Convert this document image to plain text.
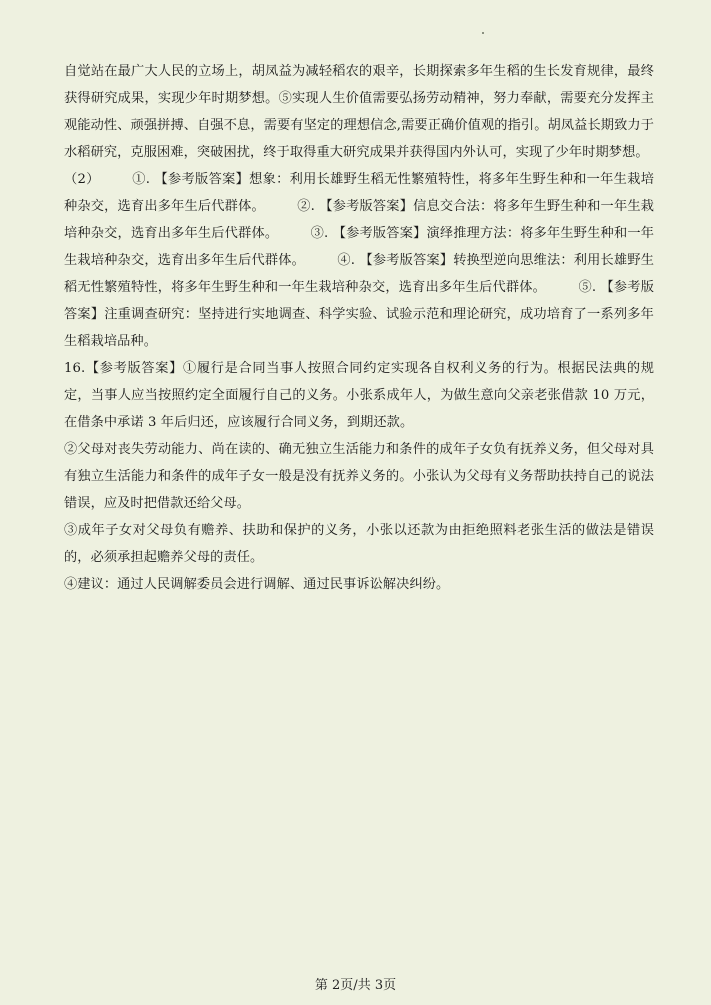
自觉站在最广大人民的立场上，胡凤益为减轻稻农的艰辛，长期探索多年生稻的生长发育规律，最终获得研究成果，实现少年时期梦想。⑤实现人生价值需要弘扬劳动精神，努力奉献，需要充分发挥主观能动性、顽强拼搏、自强不息，需要有坚定的理想信念,需要正确价值观的指引。胡凤益长期致力于水稻研究，克服困难，突破困扰，终于取得重大研究成果并获得国内外认可，实现了少年时期梦想。

（2） ①. 【参考版答案】想象：利用长雄野生稻无性繁殖特性，将多年生野生种和一年生栽培种杂交，选育出多年生后代群体。 ②. 【参考版答案】信息交合法：将多年生野生种和一年生栽培种杂交，选育出多年生后代群体。 ③. 【参考版答案】演绎推理方法：将多年生野生种和一年生栽培种杂交，选育出多年生后代群体。 ④. 【参考版答案】转换型逆向思维法：利用长雄野生稻无性繁殖特性，将多年生野生种和一年生栽培种杂交，选育出多年生后代群体。 ⑤. 【参考版答案】注重调查研究：坚持进行实地调查、科学实验、试验示范和理论研究，成功培育了一系列多年生稻栽培品种。

16.【参考版答案】①履行是合同当事人按照合同约定实现各自权利义务的行为。根据民法典的规定，当事人应当按照约定全面履行自己的义务。小张系成年人，为做生意向父亲老张借款 10 万元，在借条中承诺 3 年后归还，应该履行合同义务，到期还款。

②父母对丧失劳动能力、尚在读的、确无独立生活能力和条件的成年子女负有抚养义务，但父母对具有独立生活能力和条件的成年子女一般是没有抚养义务的。小张认为父母有义务帮助扶持自己的说法错误，应及时把借款还给父母。

③成年子女对父母负有赡养、扶助和保护的义务，小张以还款为由拒绝照料老张生活的做法是错误的，必须承担起赡养父母的责任。

④建议：通过人民调解委员会进行调解、通过民事诉讼解决纠纷。

第 2页/共 3页
